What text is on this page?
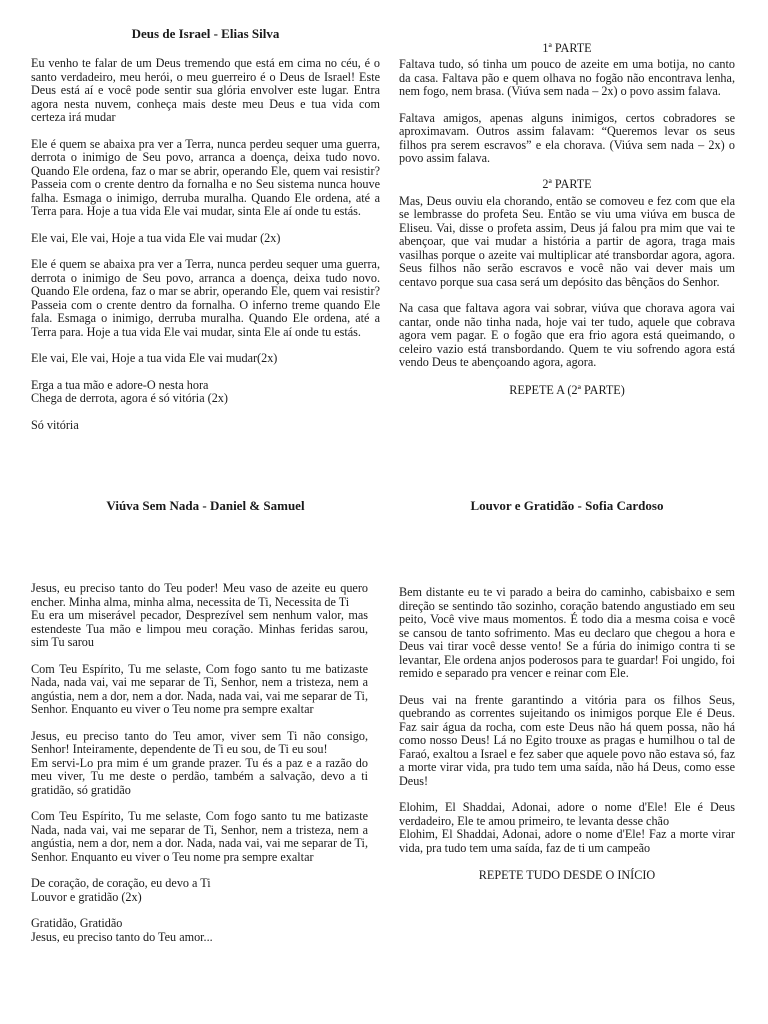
Deus de Israel - Elias Silva

Eu venho te falar de um Deus tremendo que está em cima no céu, é o santo verdadeiro, meu herói, o meu guerreiro é o Deus de Israel! Este Deus está aí e você pode sentir sua glória envolver este lugar. Entra agora nesta nuvem, conheça mais deste meu Deus e tua vida com certeza irá mudar

Ele é quem se abaixa pra ver a Terra, nunca perdeu sequer uma guerra, derrota o inimigo de Seu povo, arranca a doença, deixa tudo novo. Quando Ele ordena, faz o mar se abrir, operando Ele, quem vai resistir? Passeia com o crente dentro da fornalha e no Seu sistema nunca houve falha. Esmaga o inimigo, derruba muralha. Quando Ele ordena, até a Terra para. Hoje a tua vida Ele vai mudar, sinta Ele aí onde tu estás.

Ele vai, Ele vai, Hoje a tua vida Ele vai mudar (2x)

Ele é quem se abaixa pra ver a Terra, nunca perdeu sequer uma guerra, derrota o inimigo de Seu povo, arranca a doença, deixa tudo novo. Quando Ele ordena, faz o mar se abrir, operando Ele, quem vai resistir? Passeia com o crente dentro da fornalha. O inferno treme quando Ele fala. Esmaga o inimigo, derruba muralha. Quando Ele ordena, até a Terra para. Hoje a tua vida Ele vai mudar, sinta Ele aí onde tu estás.

Ele vai, Ele vai, Hoje a tua vida Ele vai mudar(2x)

Erga a tua mão e adore-O nesta hora
Chega de derrota, agora é só vitória (2x)

Só vitória

1ª PARTE

Faltava tudo, só tinha um pouco de azeite em uma botija, no canto da casa. Faltava pão e quem olhava no fogão não encontrava lenha, nem fogo, nem brasa. (Viúva sem nada – 2x) o povo assim falava.

Faltava amigos, apenas alguns inimigos, certos cobradores se aproximavam. Outros assim falavam: “Queremos levar os seus filhos pra serem escravos” e ela chorava. (Viúva sem nada – 2x) o povo assim falava.

2ª PARTE

Mas, Deus ouviu ela chorando, então se comoveu e fez com que ela se lembrasse do profeta Seu. Então se viu uma viúva em busca de Eliseu. Vai, disse o profeta assim, Deus já falou pra mim que vai te abençoar, que vai mudar a história a partir de agora, traga mais vasilhas porque o azeite vai multiplicar até transbordar agora, agora. Seus filhos não serão escravos e você não vai dever mais um centavo porque sua casa será um depósito das bênçãos do Senhor.

Na casa que faltava agora vai sobrar, viúva que chorava agora vai cantar, onde não tinha nada, hoje vai ter tudo, aquele que cobrava agora vem pagar. E o fogão que era frio agora está queimando, o celeiro vazio está transbordando. Quem te viu sofrendo agora está vendo Deus te abençoando agora, agora.

REPETE A (2ª PARTE)
Viúva Sem Nada - Daniel & Samuel

Jesus, eu preciso tanto do Teu poder! Meu vaso de azeite eu quero encher. Minha alma, minha alma, necessita de Ti, Necessita de Ti
Eu era um miserável pecador, Desprezível sem nenhum valor, mas estendeste Tua mão e limpou meu coração. Minhas feridas sarou, sim Tu sarou

Com Teu Espírito, Tu me selaste, Com fogo santo tu me batizaste Nada, nada vai, vai me separar de Ti, Senhor, nem a tristeza, nem a angústia, nem a dor, nem a dor. Nada, nada vai, vai me separar de Ti, Senhor. Enquanto eu viver o Teu nome pra sempre exaltar

Jesus, eu preciso tanto do Teu amor, viver sem Ti não consigo, Senhor! Inteiramente, dependente de Ti eu sou, de Ti eu sou!
Em servi-Lo pra mim é um grande prazer. Tu és a paz e a razão do meu viver, Tu me deste o perdão, também a salvação, devo a ti gratidão, só gratidão

Com Teu Espírito, Tu me selaste, Com fogo santo tu me batizaste Nada, nada vai, vai me separar de Ti, Senhor, nem a tristeza, nem a angústia, nem a dor, nem a dor. Nada, nada vai, vai me separar de Ti, Senhor. Enquanto eu viver o Teu nome pra sempre exaltar

De coração, de coração, eu devo a Ti
Louvor e gratidão (2x)

Gratidão, Gratidão
Jesus, eu preciso tanto do Teu amor...

Louvor e Gratidão - Sofia Cardoso

Bem distante eu te vi parado a beira do caminho, cabisbaixo e sem direção se sentindo tão sozinho, coração batendo angustiado em seu peito, Você vive maus momentos. É todo dia a mesma coisa e você se cansou de tanto sofrimento. Mas eu declaro que chegou a hora e Deus vai tirar você desse vento! Se a fúria do inimigo contra ti se levantar, Ele ordena anjos poderosos para te guardar! Foi ungido, foi remido e separado pra vencer e reinar com Ele.

Deus vai na frente garantindo a vitória para os filhos Seus, quebrando as correntes sujeitando os inimigos porque Ele é Deus. Faz sair água da rocha, com este Deus não há quem possa, não há como nosso Deus! Lá no Egito trouxe as pragas e humilhou o tal de Faraó, exaltou a Israel e fez saber que aquele povo não estava só, faz a morte virar vida, pra tudo tem uma saída, não há Deus, como esse Deus!

Elohim, El Shaddai, Adonai, adore o nome d'Ele! Ele é Deus verdadeiro, Ele te amou primeiro, te levanta desse chão
Elohim, El Shaddai, Adonai, adore o nome d'Ele! Faz a morte virar vida, pra tudo tem uma saída, faz de ti um campeão

REPETE TUDO DESDE O INÍCIO
